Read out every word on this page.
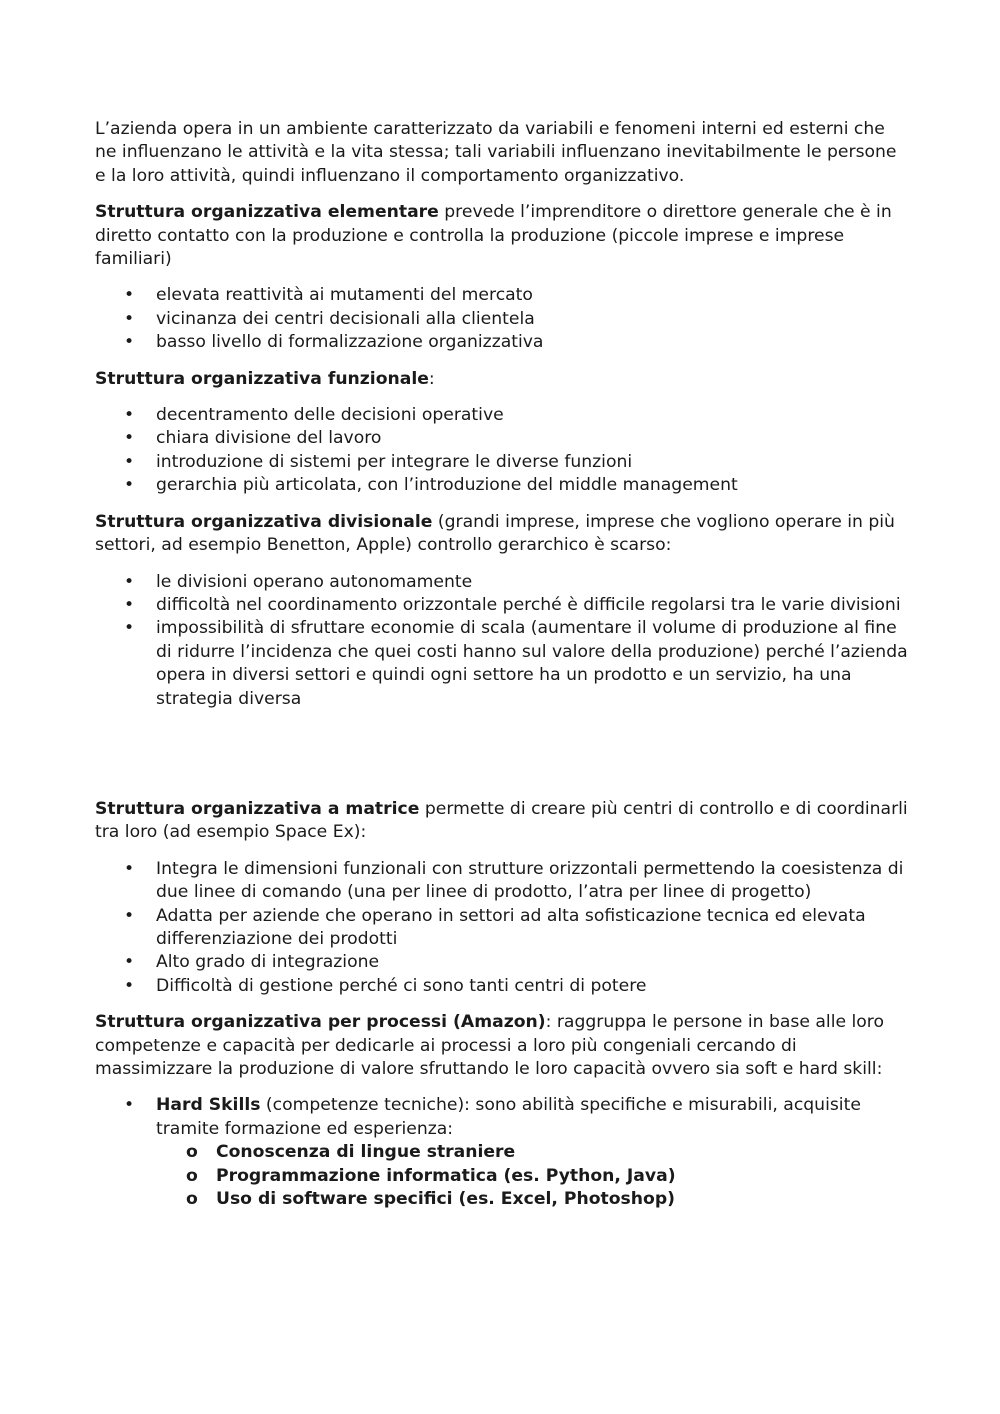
L’azienda opera in un ambiente caratterizzato da variabili e fenomeni interni ed esterni che ne influenzano le attività e la vita stessa; tali variabili influenzano inevitabilmente le persone e la loro attività, quindi influenzano il comportamento organizzativo.

Struttura organizzativa elementare prevede l’imprenditore o direttore generale che è in diretto contatto con la produzione e controlla la produzione (piccole imprese e imprese familiari)

• elevata reattività ai mutamenti del mercato
• vicinanza dei centri decisionali alla clientela
• basso livello di formalizzazione organizzativa

Struttura organizzativa funzionale:

• decentramento delle decisioni operative
• chiara divisione del lavoro
• introduzione di sistemi per integrare le diverse funzioni
• gerarchia più articolata, con l’introduzione del middle management

Struttura organizzativa divisionale (grandi imprese, imprese che vogliono operare in più settori, ad esempio Benetton, Apple) controllo gerarchico è scarso:

• le divisioni operano autonomamente
• difficoltà nel coordinamento orizzontale perché è difficile regolarsi tra le varie divisioni
• impossibilità di sfruttare economie di scala (aumentare il volume di produzione al fine di ridurre l’incidenza che quei costi hanno sul valore della produzione) perché l’azienda opera in diversi settori e quindi ogni settore ha un prodotto e un servizio, ha una strategia diversa

Struttura organizzativa a matrice permette di creare più centri di controllo e di coordinarli tra loro (ad esempio Space Ex):

• Integra le dimensioni funzionali con strutture orizzontali permettendo la coesistenza di due linee di comando (una per linee di prodotto, l’atra per linee di progetto)
• Adatta per aziende che operano in settori ad alta sofisticazione tecnica ed elevata differenziazione dei prodotti
• Alto grado di integrazione
• Difficoltà di gestione perché ci sono tanti centri di potere

Struttura organizzativa per processi (Amazon): raggruppa le persone in base alle loro competenze e capacità per dedicarle ai processi a loro più congeniali cercando di massimizzare la produzione di valore sfruttando le loro capacità ovvero sia soft e hard skill:

• Hard Skills (competenze tecniche): sono abilità specifiche e misurabili, acquisite tramite formazione ed esperienza:
o Conoscenza di lingue straniere
o Programmazione informatica (es. Python, Java)
o Uso di software specifici (es. Excel, Photoshop)
